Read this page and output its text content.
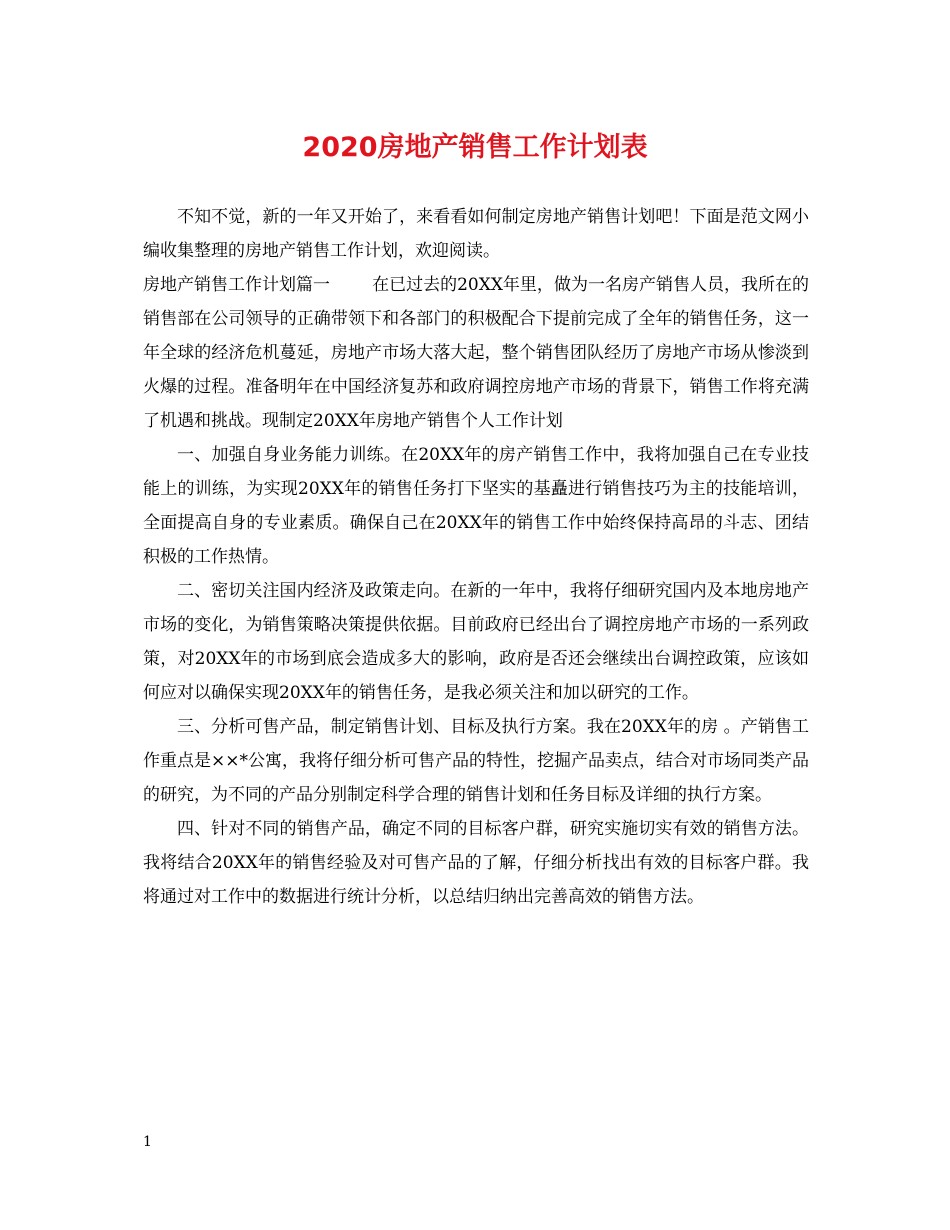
2020房地产销售工作计划表

不知不觉，新的一年又开始了，来看看如何制定房地产销售计划吧！下面是范文网小编收集整理的房地产销售工作计划，欢迎阅读。

房地产销售工作计划篇一 在已过去的20XX年里，做为一名房产销售人员，我所在的销售部在公司领导的正确带领下和各部门的积极配合下提前完成了全年的销售任务，这一年全球的经济危机蔓延，房地产市场大落大起，整个销售团队经历了房地产市场从惨淡到火爆的过程。准备明年在中国经济复苏和政府调控房地产市场的背景下，销售工作将充满了机遇和挑战。现制定20XX年房地产销售个人工作计划

一、加强自身业务能力训练。在20XX年的房产销售工作中，我将加强自己在专业技能上的训练，为实现20XX年的销售任务打下坚实的基矗进行销售技巧为主的技能培训，全面提高自身的专业素质。确保自己在20XX年的销售工作中始终保持高昂的斗志、团结积极的工作热情。

二、密切关注国内经济及政策走向。在新的一年中，我将仔细研究国内及本地房地产市场的变化，为销售策略决策提供依据。目前政府已经出台了调控房地产市场的一系列政策，对20XX年的市场到底会造成多大的影响，政府是否还会继续出台调控政策，应该如何应对以确保实现20XX年的销售任务，是我必须关注和加以研究的工作。

三、分析可售产品，制定销售计划、目标及执行方案。我在20XX年的房 。产销售工作重点是××*公寓，我将仔细分析可售产品的特性，挖掘产品卖点，结合对市场同类产品的研究，为不同的产品分别制定科学合理的销售计划和任务目标及详细的执行方案。

四、针对不同的销售产品，确定不同的目标客户群，研究实施切实有效的销售方法。我将结合20XX年的销售经验及对可售产品的了解，仔细分析找出有效的目标客户群。我将通过对工作中的数据进行统计分析，以总结归纳出完善高效的销售方法。

1
